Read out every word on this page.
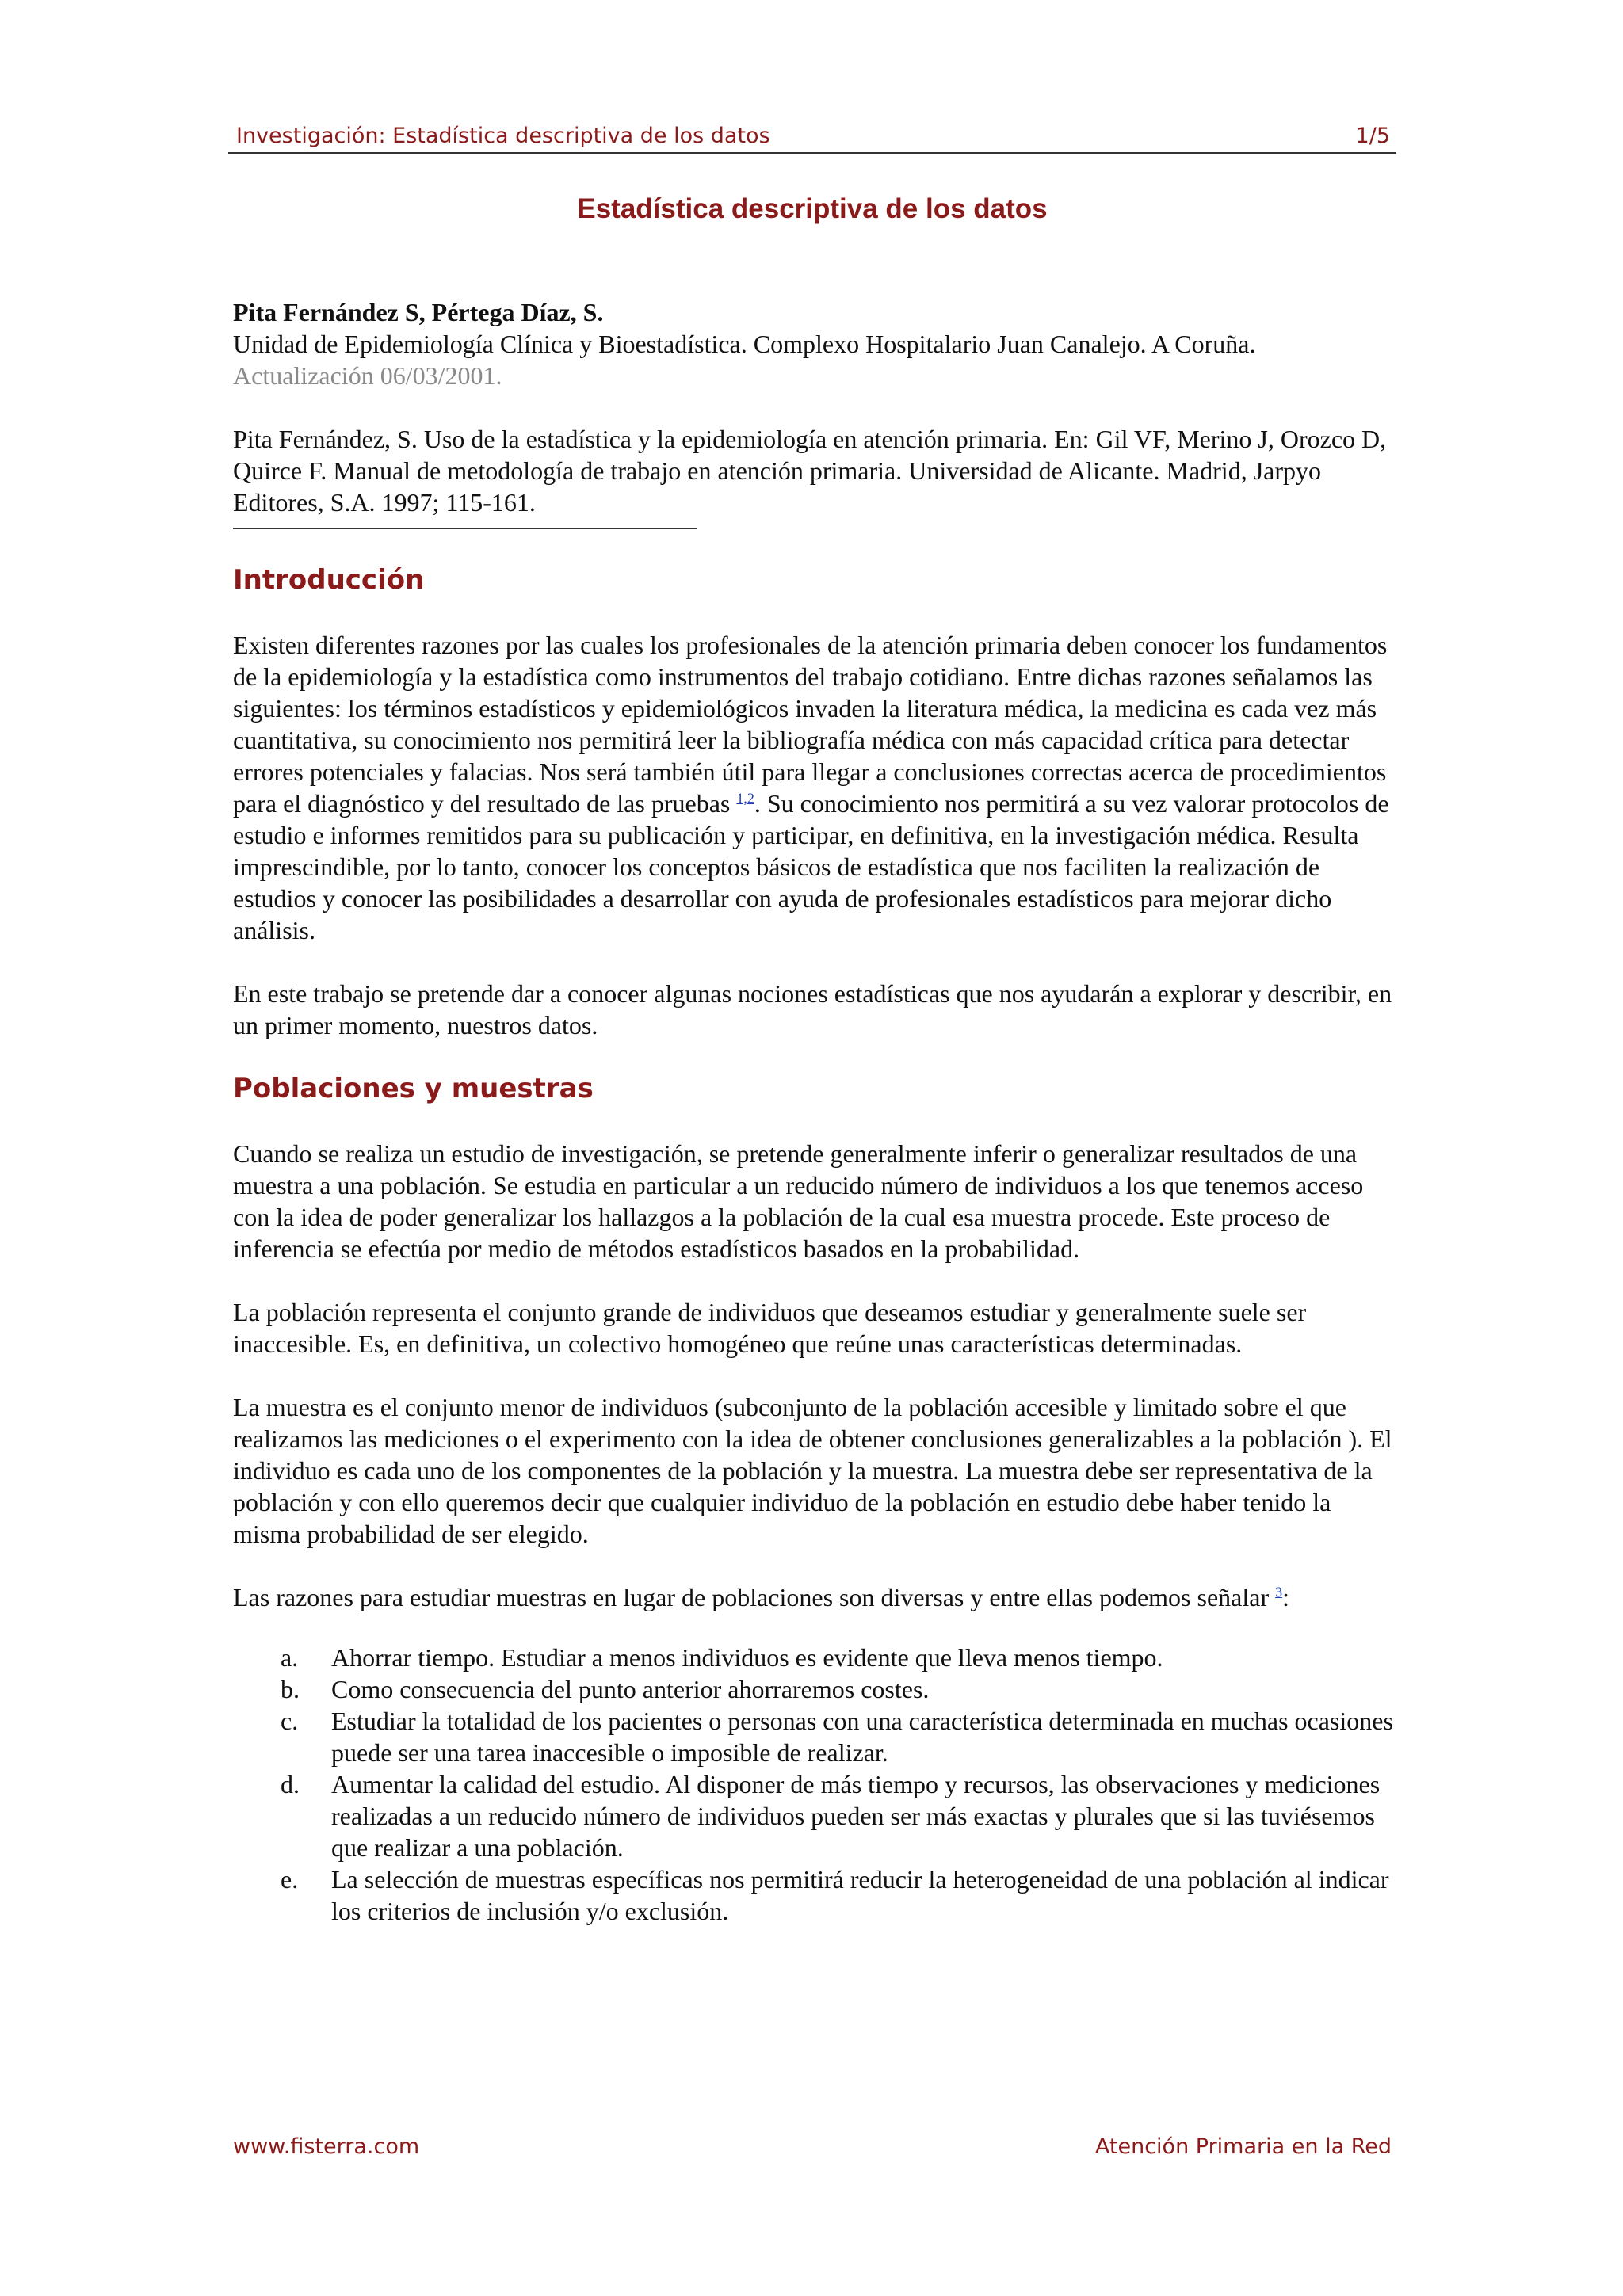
Investigación: Estadística descriptiva de los datos	1/5
Estadística descriptiva de los datos

Pita Fernández S, Pértega Díaz, S.

Unidad de Epidemiología Clínica y Bioestadística. Complexo Hospitalario Juan Canalejo. A Coruña.

Actualización 06/03/2001.

Pita Fernández, S. Uso de la estadística y la epidemiología en atención primaria. En: Gil VF, Merino J, Orozco D, Quirce F. Manual de metodología de trabajo en atención primaria. Universidad de Alicante. Madrid, Jarpyo Editores, S.A. 1997; 115-161.

Introducción

Existen diferentes razones por las cuales los profesionales de la atención primaria deben conocer los fundamentos de la epidemiología y la estadística como instrumentos del trabajo cotidiano. Entre dichas razones señalamos las siguientes: los términos estadísticos y epidemiológicos invaden la literatura médica, la medicina es cada vez más cuantitativa, su conocimiento nos permitirá leer la bibliografía médica con más capacidad crítica para detectar errores potenciales y falacias. Nos será también útil para llegar a conclusiones correctas acerca de procedimientos para el diagnóstico y del resultado de las pruebas $^{1,2}$. Su conocimiento nos permitirá a su vez valorar protocolos de estudio e informes remitidos para su publicación y participar, en definitiva, en la investigación médica. Resulta imprescindible, por lo tanto, conocer los conceptos básicos de estadística que nos faciliten la realización de estudios y conocer las posibilidades a desarrollar con ayuda de profesionales estadísticos para mejorar dicho análisis.

En este trabajo se pretende dar a conocer algunas nociones estadísticas que nos ayudarán a explorar y describir, en un primer momento, nuestros datos.

Poblaciones y muestras

Cuando se realiza un estudio de investigación, se pretende generalmente inferir o generalizar resultados de una muestra a una población. Se estudia en particular a un reducido número de individuos a los que tenemos acceso con la idea de poder generalizar los hallazgos a la población de la cual esa muestra procede. Este proceso de inferencia se efectúa por medio de métodos estadísticos basados en la probabilidad.

La población representa el conjunto grande de individuos que deseamos estudiar y generalmente suele ser inaccesible. Es, en definitiva, un colectivo homogéneo que reúne unas características determinadas.

La muestra es el conjunto menor de individuos (subconjunto de la población accesible y limitado sobre el que realizamos las mediciones o el experimento con la idea de obtener conclusiones generalizables a la población ). El individuo es cada uno de los componentes de la población y la muestra. La muestra debe ser representativa de la población y con ello queremos decir que cualquier individuo de la población en estudio debe haber tenido la misma probabilidad de ser elegido.

Las razones para estudiar muestras en lugar de poblaciones son diversas y entre ellas podemos señalar $^3$:

a. Ahorrar tiempo. Estudiar a menos individuos es evidente que lleva menos tiempo.
b. Como consecuencia del punto anterior ahorraremos costes.
c. Estudiar la totalidad de los pacientes o personas con una característica determinada en muchas ocasiones puede ser una tarea inaccesible o imposible de realizar.
d. Aumentar la calidad del estudio. Al disponer de más tiempo y recursos, las observaciones y mediciones realizadas a un reducido número de individuos pueden ser más exactas y plurales que si las tuviésemos que realizar a una población.
e. La selección de muestras específicas nos permitirá reducir la heterogeneidad de una población al indicar los criterios de inclusión y/o exclusión.
www.fisterra.com	Atención Primaria en la Red
